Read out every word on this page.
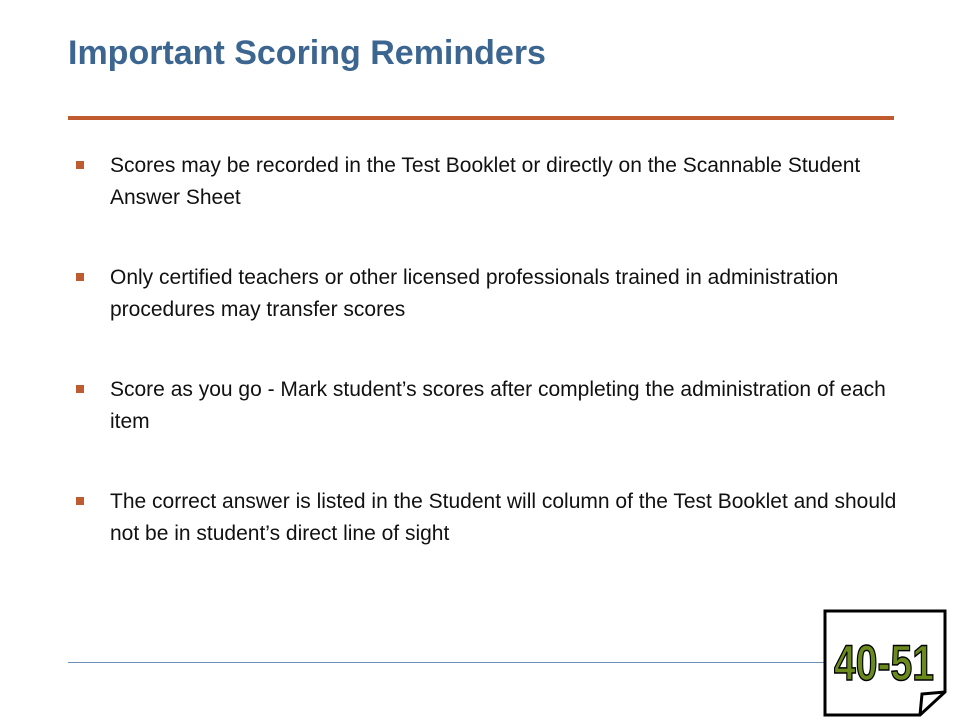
Important Scoring Reminders
Scores may be recorded in the Test Booklet or directly on the Scannable Student Answer Sheet
Only certified teachers or other licensed professionals trained in administration procedures may transfer scores
Score as you go - Mark student’s scores after completing the administration of each item
The correct answer is listed in the Student will column of the Test Booklet and should not be in student’s direct line of sight
40-51
